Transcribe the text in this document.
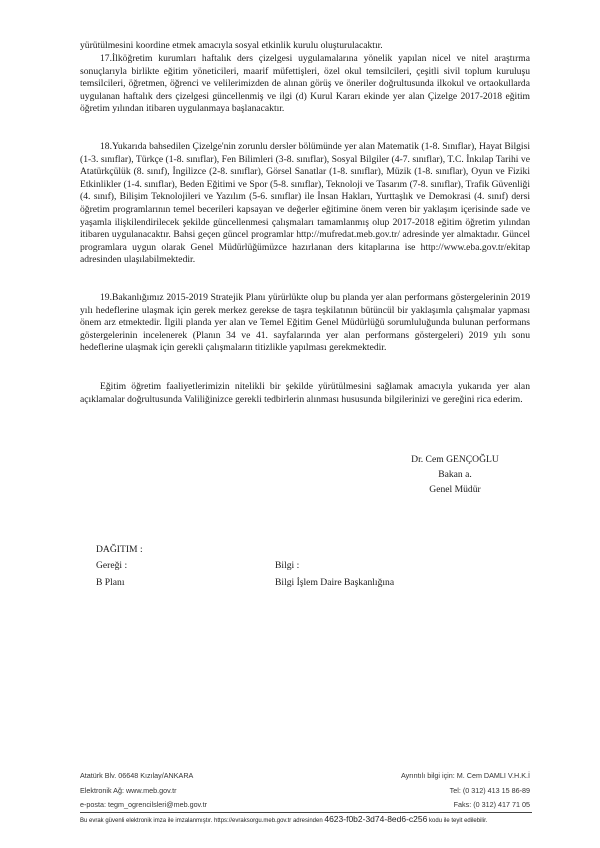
yürütülmesini koordine etmek amacıyla sosyal etkinlik kurulu oluşturulacaktır.

17.İlköğretim kurumları haftalık ders çizelgesi uygulamalarına yönelik yapılan nicel ve nitel araştırma sonuçlarıyla birlikte eğitim yöneticileri, maarif müfettişleri, özel okul temsilcileri, çeşitli sivil toplum kuruluşu temsilcileri, öğretmen, öğrenci ve velilerimizden de alınan görüş ve öneriler doğrultusunda ilkokul ve ortaokullarda uygulanan haftalık ders çizelgesi güncellenmiş ve ilgi (d) Kurul Kararı ekinde yer alan Çizelge 2017-2018 eğitim öğretim yılından itibaren uygulanmaya başlanacaktır.

18.Yukarıda bahsedilen Çizelge'nin zorunlu dersler bölümünde yer alan Matematik (1-8. Sınıflar), Hayat Bilgisi (1-3. sınıflar), Türkçe (1-8. sınıflar), Fen Bilimleri (3-8. sınıflar), Sosyal Bilgiler (4-7. sınıflar), T.C. İnkılap Tarihi ve Atatürkçülük (8. sınıf), İngilizce (2-8. sınıflar), Görsel Sanatlar (1-8. sınıflar), Müzik (1-8. sınıflar), Oyun ve Fiziki Etkinlikler (1-4. sınıflar), Beden Eğitimi ve Spor (5-8. sınıflar), Teknoloji ve Tasarım (7-8. sınıflar), Trafik Güvenliği (4. sınıf), Bilişim Teknolojileri ve Yazılım (5-6. sınıflar) ile İnsan Hakları, Yurttaşlık ve Demokrasi (4. sınıf) dersi öğretim programlarının temel becerileri kapsayan ve değerler eğitimine önem veren bir yaklaşım içerisinde sade ve yaşamla ilişkilendirilecek şekilde güncellenmesi çalışmaları tamamlanmış olup 2017-2018 eğitim öğretim yılından itibaren uygulanacaktır. Bahsi geçen güncel programlar http://mufredat.meb.gov.tr/ adresinde yer almaktadır. Güncel programlara uygun olarak Genel Müdürlüğümüzce hazırlanan ders kitaplarına ise http://www.eba.gov.tr/ekitap adresinden ulaşılabilmektedir.

19.Bakanlığımız 2015-2019 Stratejik Planı yürürlükte olup bu planda yer alan performans göstergelerinin 2019 yılı hedeflerine ulaşmak için gerek merkez gerekse de taşra teşkilatının bütüncül bir yaklaşımla çalışmalar yapması önem arz etmektedir. İlgili planda yer alan ve Temel Eğitim Genel Müdürlüğü sorumluluğunda bulunan performans göstergelerinin incelenerek (Planın 34 ve 41. sayfalarında yer alan performans göstergeleri) 2019 yılı sonu hedeflerine ulaşmak için gerekli çalışmaların titizlikle yapılması gerekmektedir.

Eğitim öğretim faaliyetlerimizin nitelikli bir şekilde yürütülmesini sağlamak amacıyla yukarıda yer alan açıklamalar doğrultusunda Valiliğinizce gerekli tedbirlerin alınması hususunda bilgilerinizi ve gereğini rica ederim.

Dr. Cem GENÇOĞLU
Bakan a.
Genel Müdür
DAĞITIM :
Gereği :	Bilgi :
B Planı	Bilgi İşlem Daire Başkanlığına
Atatürk Blv. 06648 Kızılay/ANKARA
Elektronik Ağ: www.meb.gov.tr
e-posta: tegm_ogrencilsleri@meb.gov.tr
Ayrıntılı bilgi için: M. Cem DAMLI V.H.K.İ
Tel: (0 312) 413 15 86-89
Faks: (0 312) 417 71 05
Bu evrak güvenli elektronik imza ile imzalanmıştır. https://evraksorgu.meb.gov.tr adresinden 4623-f0b2-3d74-8ed6-c256 kodu ile teyit edilebilir.
